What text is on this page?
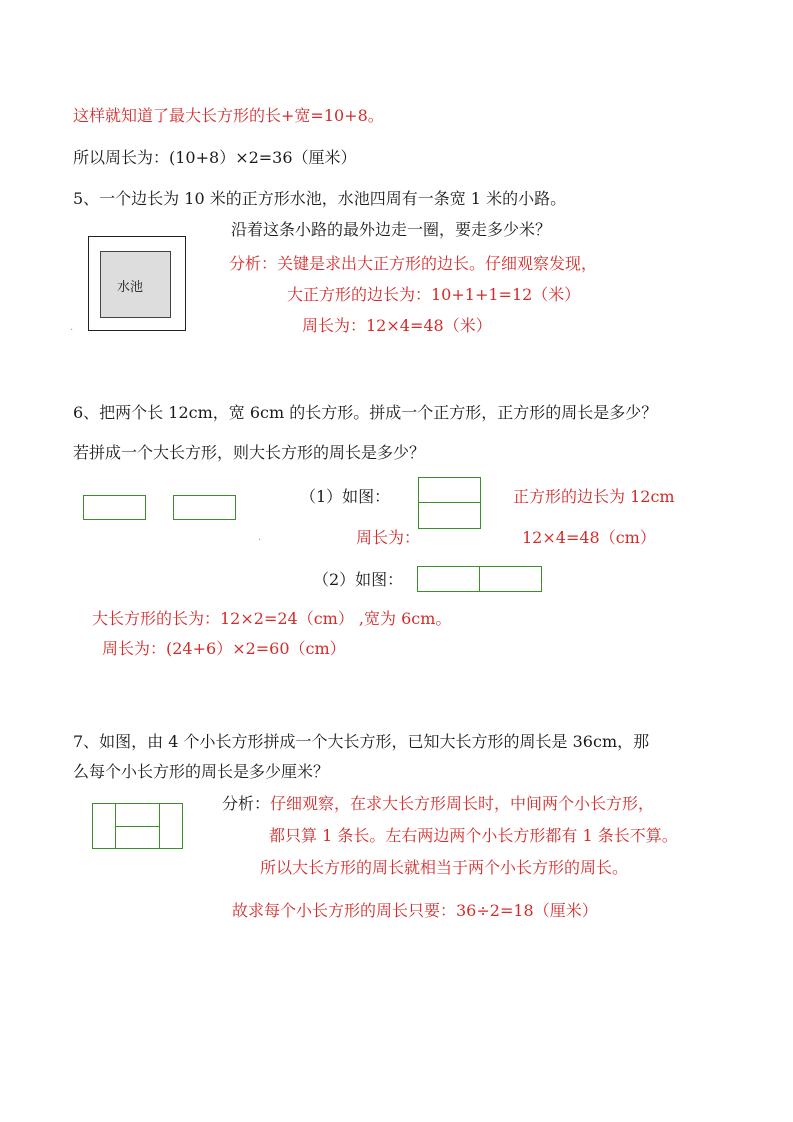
这样就知道了最大长方形的长+宽=10+8。
所以周长为：(10+8）×2=36（厘米）
5、一个边长为 10 米的正方形水池，水池四周有一条宽 1 米的小路。
沿着这条小路的最外边走一圈，要走多少米？
分析：关键是求出大正方形的边长。仔细观察发现，
大正方形的边长为：10+1+1=12（米）
周长为：12×4=48（米）
水池
.
6、把两个长 12cm，宽 6cm 的长方形。拼成一个正方形，正方形的周长是多少？
若拼成一个大长方形，则大长方形的周长是多少？
（1）如图：	正方形的边长为 12cm
周长为：	12×4=48（cm）
.
（2）如图：
大长方形的长为：12×2=24（cm） ,宽为 6cm。
周长为：(24+6）×2=60（cm）
7、如图，由 4 个小长方形拼成一个大长方形，已知大长方形的周长是 36cm，那
么每个小长方形的周长是多少厘米？
分析：仔细观察，在求大长方形周长时，中间两个小长方形，
都只算 1 条长。左右两边两个小长方形都有 1 条长不算。
所以大长方形的周长就相当于两个小长方形的周长。
故求每个小长方形的周长只要：36÷2=18（厘米）
